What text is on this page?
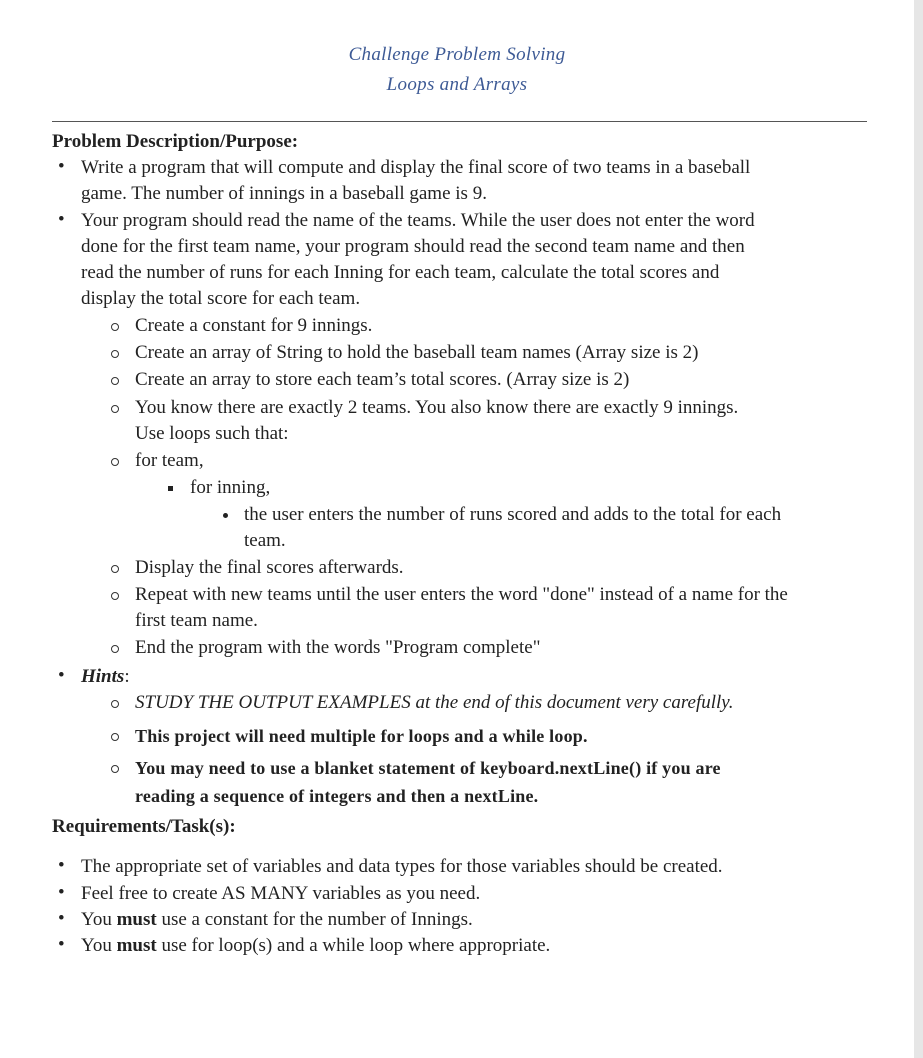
Challenge Problem Solving
Loops and Arrays
Problem Description/Purpose:
• Write a program that will compute and display the final score of two teams in a baseball
game. The number of innings in a baseball game is 9.
• Your program should read the name of the teams. While the user does not enter the word
done for the first team name, your program should read the second team name and then
read the number of runs for each Inning for each team, calculate the total scores and
display the total score for each team.
Create a constant for 9 innings.
Create an array of String to hold the baseball team names (Array size is 2)
Create an array to store each team’s total scores. (Array size is 2)
You know there are exactly 2 teams. You also know there are exactly 9 innings.
Use loops such that:
for team,
for inning,
the user enters the number of runs scored and adds to the total for each
team.
Display the final scores afterwards.
Repeat with new teams until the user enters the word "done" instead of a name for the
first team name.
End the program with the words "Program complete"
• Hints:
STUDY THE OUTPUT EXAMPLES at the end of this document very carefully.
This project will need multiple for loops and a while loop.
You may need to use a blanket statement of keyboard.nextLine() if you are
reading a sequence of integers and then a nextLine.
Requirements/Task(s):
• The appropriate set of variables and data types for those variables should be created.
• Feel free to create AS MANY variables as you need.
• You must use a constant for the number of Innings.
• You must use for loop(s) and a while loop where appropriate.
